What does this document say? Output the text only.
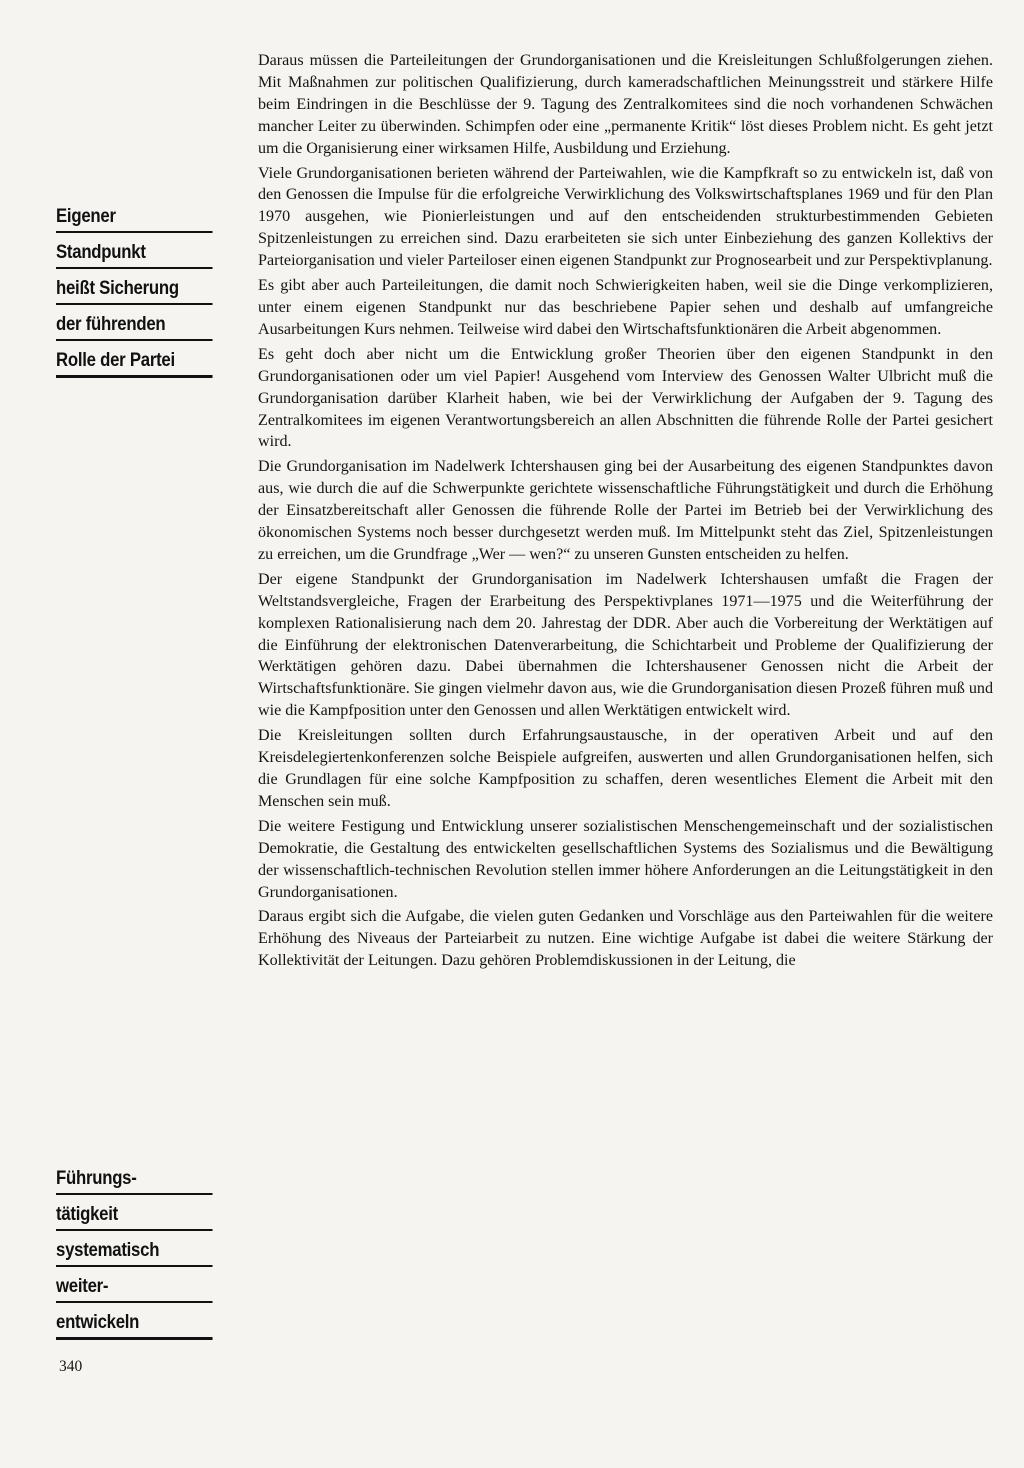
Eigener
Standpunkt
heißt Sicherung
der führenden
Rolle der Partei
Führungs-
tätigkeit
systematisch
weiter-
entwickeln

Daraus müssen die Parteileitungen der Grundorganisationen und die Kreisleitungen Schlußfolgerungen ziehen. Mit Maßnahmen zur politischen Qualifizierung, durch kameradschaftlichen Meinungsstreit und stärkere Hilfe beim Eindringen in die Beschlüsse der 9. Tagung des Zentralkomitees sind die noch vorhandenen Schwächen mancher Leiter zu überwinden. Schimpfen oder eine „permanente Kritik“ löst dieses Problem nicht. Es geht jetzt um die Organisierung einer wirksamen Hilfe, Ausbildung und Erziehung.

Viele Grundorganisationen berieten während der Parteiwahlen, wie die Kampfkraft so zu entwickeln ist, daß von den Genossen die Impulse für die erfolgreiche Verwirklichung des Volkswirtschaftsplanes 1969 und für den Plan 1970 ausgehen, wie Pionierleistungen und auf den entscheidenden strukturbestimmenden Gebieten Spitzenleistungen zu erreichen sind. Dazu erarbeiteten sie sich unter Einbeziehung des ganzen Kollektivs der Parteiorganisation und vieler Parteiloser einen eigenen Standpunkt zur Prognosearbeit und zur Perspektivplanung.

Es gibt aber auch Parteileitungen, die damit noch Schwierigkeiten haben, weil sie die Dinge verkomplizieren, unter einem eigenen Standpunkt nur das beschriebene Papier sehen und deshalb auf umfangreiche Ausarbeitungen Kurs nehmen. Teilweise wird dabei den Wirtschaftsfunktionären die Arbeit abgenommen.

Es geht doch aber nicht um die Entwicklung großer Theorien über den eigenen Standpunkt in den Grundorganisationen oder um viel Papier! Ausgehend vom Interview des Genossen Walter Ulbricht muß die Grundorganisation darüber Klarheit haben, wie bei der Verwirklichung der Aufgaben der 9. Tagung des Zentralkomitees im eigenen Verantwortungsbereich an allen Abschnitten die führende Rolle der Partei gesichert wird.

Die Grundorganisation im Nadelwerk Ichtershausen ging bei der Ausarbeitung des eigenen Standpunktes davon aus, wie durch die auf die Schwerpunkte gerichtete wissenschaftliche Führungstätigkeit und durch die Erhöhung der Einsatzbereitschaft aller Genossen die führende Rolle der Partei im Betrieb bei der Verwirklichung des ökonomischen Systems noch besser durchgesetzt werden muß. Im Mittelpunkt steht das Ziel, Spitzenleistungen zu erreichen, um die Grundfrage „Wer — wen?“ zu unseren Gunsten entscheiden zu helfen.

Der eigene Standpunkt der Grundorganisation im Nadelwerk Ichtershausen umfaßt die Fragen der Weltstandsvergleiche, Fragen der Erarbeitung des Perspektivplanes 1971—1975 und die Weiterführung der komplexen Rationalisierung nach dem 20. Jahrestag der DDR. Aber auch die Vorbereitung der Werktätigen auf die Einführung der elektronischen Datenverarbeitung, die Schichtarbeit und Probleme der Qualifizierung der Werktätigen gehören dazu. Dabei übernahmen die Ichtershausener Genossen nicht die Arbeit der Wirtschaftsfunktionäre. Sie gingen vielmehr davon aus, wie die Grundorganisation diesen Prozeß führen muß und wie die Kampfposition unter den Genossen und allen Werktätigen entwickelt wird.

Die Kreisleitungen sollten durch Erfahrungsaustausche, in der operativen Arbeit und auf den Kreisdelegiertenkonferenzen solche Beispiele aufgreifen, auswerten und allen Grundorganisationen helfen, sich die Grundlagen für eine solche Kampfposition zu schaffen, deren wesentliches Element die Arbeit mit den Menschen sein muß.

Die weitere Festigung und Entwicklung unserer sozialistischen Menschengemeinschaft und der sozialistischen Demokratie, die Gestaltung des entwickelten gesellschaftlichen Systems des Sozialismus und die Bewältigung der wissenschaftlich-technischen Revolution stellen immer höhere Anforderungen an die Leitungstätigkeit in den Grundorganisationen.

Daraus ergibt sich die Aufgabe, die vielen guten Gedanken und Vorschläge aus den Parteiwahlen für die weitere Erhöhung des Niveaus der Parteiarbeit zu nutzen. Eine wichtige Aufgabe ist dabei die weitere Stärkung der Kollektivität der Leitungen. Dazu gehören Problemdiskussionen in der Leitung, die

340
